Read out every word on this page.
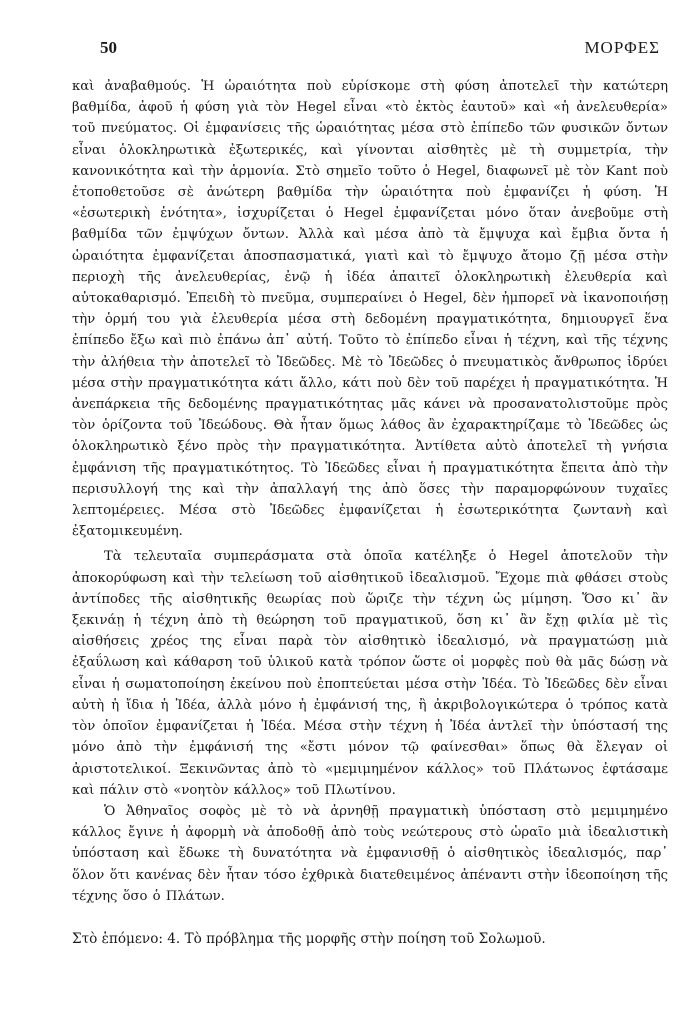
50	ΜΟΡΦΕΣ

καὶ ἀναβαθμούς. Ἡ ὡραιότητα ποὺ εὑρίσκομε στὴ φύση ἀποτελεῖ τὴν κατώτερη βαθμίδα, ἀφοῦ ἡ φύση γιὰ τὸν Hegel εἶναι «τὸ ἐκτὸς ἑαυτοῦ» καὶ «ἡ ἀνελευθερία» τοῦ πνεύματος. Οἱ ἐμφανίσεις τῆς ὡραιότητας μέσα στὸ ἐπίπεδο τῶν φυσικῶν ὄντων εἶναι ὁλοκληρωτικὰ ἐξωτερικές, καὶ γίνονται αἰσθητὲς μὲ τὴ συμμετρία, τὴν κανονικότητα καὶ τὴν ἁρμονία. Στὸ σημεῖο τοῦτο ὁ Hegel, διαφωνεῖ μὲ τὸν Kant ποὺ ἐτοποθετοῦσε σὲ ἀνώτερη βαθμίδα τὴν ὡραιότητα ποὺ ἐμφανίζει ἡ φύση. Ἡ «ἐσωτερικὴ ἑνότητα», ἰσχυρίζεται ὁ Hegel ἐμφανίζεται μόνο ὅταν ἀνεβοῦμε στὴ βαθμίδα τῶν ἐμψύχων ὄντων. Ἀλλὰ καὶ μέσα ἀπὸ τὰ ἔμψυχα καὶ ἔμβια ὄντα ἡ ὡραιότητα ἐμφανίζεται ἀποσπασματικά, γιατὶ καὶ τὸ ἔμψυχο ἄτομο ζῇ μέσα στὴν περιοχὴ τῆς ἀνελευθερίας, ἐνῷ ἡ ἰδέα ἀπαιτεῖ ὁλοκληρωτικὴ ἐλευθερία καὶ αὐτοκαθαρισμό. Ἐπειδὴ τὸ πνεῦμα, συμπεραίνει ὁ Hegel, δὲν ἠμπορεῖ νὰ ἱκανοποιήσῃ τὴν ὁρμή του γιὰ ἐλευθερία μέσα στὴ δεδομένη πραγματικότητα, δημιουργεῖ ἕνα ἐπίπεδο ἔξω καὶ πιὸ ἐπάνω ἀπ᾿ αὐτή. Τοῦτο τὸ ἐπίπεδο εἶναι ἡ τέχνη, καὶ τῆς τέχνης τὴν ἀλήθεια τὴν ἀποτελεῖ τὸ Ἰδεῶδες. Μὲ τὸ Ἰδεῶδες ὁ πνευματικὸς ἄνθρωπος ἱδρύει μέσα στὴν πραγματικότητα κάτι ἄλλο, κάτι ποὺ δὲν τοῦ παρέχει ἡ πραγματικότητα. Ἡ ἀνεπάρκεια τῆς δεδομένης πραγματικότητας μᾶς κάνει νὰ προσανατολιστοῦμε πρὸς τὸν ὁρίζοντα τοῦ Ἰδεώδους. Θὰ ἦταν ὅμως λάθος ἂν ἐχαρακτηρίζαμε τὸ Ἰδεῶδες ὡς ὁλοκληρωτικὸ ξένο πρὸς τὴν πραγματικότητα. Ἀντίθετα αὐτὸ ἀποτελεῖ τὴ γνήσια ἐμφάνιση τῆς πραγματικότητος. Τὸ Ἰδεῶδες εἶναι ἡ πραγματικότητα ἔπειτα ἀπὸ τὴν περισυλλογή της καὶ τὴν ἀπαλλαγή της ἀπὸ ὅσες τὴν παραμορφώνουν τυχαῖες λεπτομέρειες. Μέσα στὸ Ἰδεῶδες ἐμφανίζεται ἡ ἐσωτερικότητα ζωντανὴ καὶ ἐξατομικευμένη.

Τὰ τελευταῖα συμπεράσματα στὰ ὁποῖα κατέληξε ὁ Hegel ἀποτελοῦν τὴν ἀποκορύφωση καὶ τὴν τελείωση τοῦ αἰσθητικοῦ ἰδεαλισμοῦ. Ἔχομε πιὰ φθάσει στοὺς ἀντίποδες τῆς αἰσθητικῆς θεωρίας ποὺ ὥριζε τὴν τέχνη ὡς μίμηση. Ὅσο κι᾿ ἂν ξεκινάῃ ἡ τέχνη ἀπὸ τὴ θεώρηση τοῦ πραγματικοῦ, ὅση κι᾿ ἂν ἔχῃ φιλία μὲ τὶς αἰσθήσεις χρέος της εἶναι παρὰ τὸν αἰσθητικὸ ἰδεαλισμό, νὰ πραγματώσῃ μιὰ ἐξαΰλωση καὶ κάθαρση τοῦ ὑλικοῦ κατὰ τρόπον ὥστε οἱ μορφὲς ποὺ θὰ μᾶς δώσῃ νὰ εἶναι ἡ σωματοποίηση ἐκείνου ποὺ ἐποπτεύεται μέσα στὴν Ἰδέα. Τὸ Ἰδεῶδες δὲν εἶναι αὐτὴ ἡ ἴδια ἡ Ἰδέα, ἀλλὰ μόνο ἡ ἐμφάνισή της, ἢ ἀκριβολογικώτερα ὁ τρόπος κατὰ τὸν ὁποῖον ἐμφανίζεται ἡ Ἰδέα. Μέσα στὴν τέχνη ἡ Ἰδέα ἀντλεῖ τὴν ὑπόστασή της μόνο ἀπὸ τὴν ἐμφάνισή της «ἔστι μόνον τῷ φαίνεσθαι» ὅπως θὰ ἔλεγαν οἱ ἀριστοτελικοί. Ξεκινῶντας ἀπὸ τὸ «μεμιμημένον κάλλος» τοῦ Πλάτωνος ἐφτάσαμε καὶ πάλιν στὸ «νοητὸν κάλλος» τοῦ Πλωτίνου.

Ὁ Ἀθηναῖος σοφὸς μὲ τὸ νὰ ἀρνηθῇ πραγματικὴ ὑπόσταση στὸ μεμιμημένο κάλλος ἔγινε ἡ ἀφορμὴ νὰ ἀποδοθῇ ἀπὸ τοὺς νεώτερους στὸ ὡραῖο μιὰ ἰδεαλιστικὴ ὑπόσταση καὶ ἔδωκε τὴ δυνατότητα νὰ ἐμφανισθῇ ὁ αἰσθητικὸς ἰδεαλισμός, παρ᾿ ὅλον ὅτι κανένας δὲν ἦταν τόσο ἐχθρικὰ διατεθειμένος ἀπέναντι στὴν ἰδεοποίηση τῆς τέχνης ὅσο ὁ Πλάτων.

Στὸ ἑπόμενο: 4. Τὸ πρόβλημα τῆς μορφῆς στὴν ποίηση τοῦ Σολωμοῦ.
